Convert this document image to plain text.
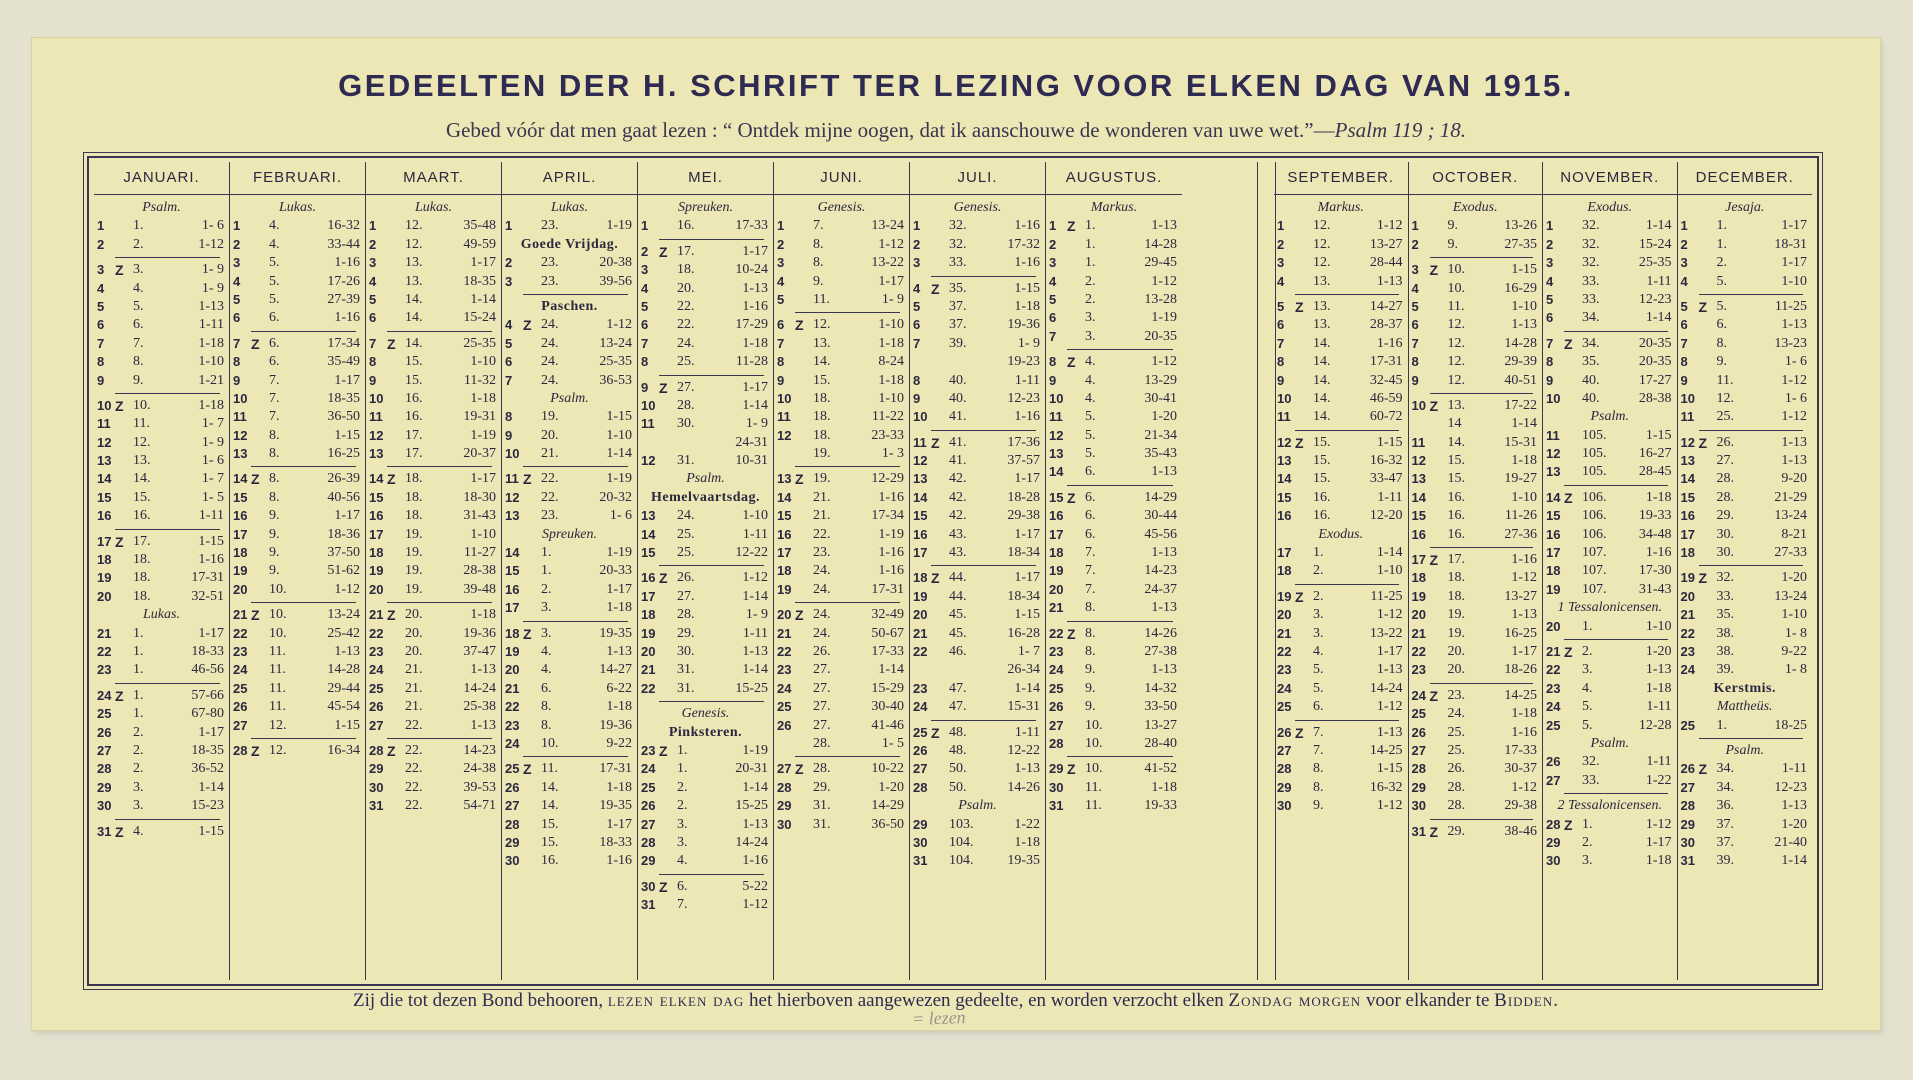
GEDEELTEN DER H. SCHRIFT TER LEZING VOOR ELKEN DAG VAN 1915.
Gebed vóór dat men gaat lezen : “ Ontdek mijne oogen, dat ik aanschouwe de wonderen van uwe wet.”—Psalm 119 ; 18.
JANUARI.
Psalm.
1	1.	1- 6
2	2.	1-12
3 Z 3.	1- 9
4	4.	1- 9
5	5.	1-13
6	6.	1-11
7	7.	1-18
8	8.	1-10
9	9.	1-21
10 Z 10.	1-18
11	11.	1- 7
12 12.	1- 9
13 13.	1- 6
14 14.	1- 7
15 15.	1- 5
16 16.	1-11
17 Z 17.	1-15
18 18.	1-16
19 18.	17-31
20 18.	32-51
Lukas.
21 1.	1-17
22 1.	18-33
23 1.	46-56
24 Z 1.	57-66
25 1.	67-80
26 2.	1-17
27 2.	18-35
28 2.	36-52
29 3.	1-14
30 3.	15-23
31 Z 4.	1-15
FEBRUARI.
Lukas.
1	4.	16-32
2	4.	33-44
3	5.	1-16
4	5.	17-26
5	5.	27-39
6	6.	1-16
7 Z 6.	17-34
8	6.	35-49
9	7.	1-17
10 7.	18-35
11	7.	36-50
12 8.	1-15
13 8.	16-25
14 Z 8.	26-39
15 8.	40-56
16 9.	1-17
17 9.	18-36
18 9.	37-50
19 9.	51-62
20 10.	1-12
21 Z 10.	13-24
22 10.	25-42
23 11.	1-13
24 11.	14-28
25 11.	29-44
26 11.	45-54
27 12.	1-15
28 Z 12.	16-34
MAART.
Lukas.
1	12.	35-48
2	12.	49-59
3	13.	1-17
4	13.	18-35
5	14.	1-14
6	14.	15-24
7 Z 14.	25-35
8	15.	1-10
9	15.	11-32
10 16.	1-18
11	16.	19-31
12 17.	1-19
13 17.	20-37
14 Z 18.	1-17
15 18.	18-30
16 18.	31-43
17 19.	1-10
18 19.	11-27
19 19.	28-38
20 19.	39-48
21 Z 20.	1-18
22 20.	19-36
23 20.	37-47
24 21.	1-13
25 21.	14-24
26 21.	25-38
27 22.	1-13
28 Z 22.	14-23
29 22.	24-38
30 22.	39-53
31 22.	54-71
APRIL.
Lukas.
1	23.	1-19
Goede Vrijdag.
2	23.	20-38
3	23.	39-56
Paschen.
4 Z 24.	1-12
5	24.	13-24
6	24.	25-35
7	24.	36-53
Psalm.
8	19.	1-15
9	20.	1-10
10 21.	1-14
11 Z 22.	1-19
12 22.	20-32
13 23.	1- 6
Spreuken.
14 1.	1-19
15 1.	20-33
16 2.	1-17
17 3.	1-18
18 Z 3.	19-35
19 4.	1-13
20 4.	14-27
21 6.	6-22
22 8.	1-18
23 8.	19-36
24 10.	9-22
25 Z 11.	17-31
26 14.	1-18
27 14.	19-35
28 15.	1-17
29 15.	18-33
30 16.	1-16
MEI.
Spreuken.
1	16.	17-33
2 Z 17.	1-17
3	18.	10-24
4	20.	1-13
5	22.	1-16
6	22.	17-29
7	24.	1-18
8	25.	11-28
9 Z 27.	1-17
10 28.	1-14
11	30.	1- 9
24-31
12 31.	10-31
Psalm.
Hemelvaartsdag.
13 24.	1-10
14 25.	1-11
15 25.	12-22
16 Z 26.	1-12
17 27.	1-14
18 28.	1- 9
19 29.	1-11
20 30.	1-13
21 31.	1-14
22 31.	15-25
Genesis.
Pinksteren.
23 Z 1.	1-19
24 1.	20-31
25 2.	1-14
26 2.	15-25
27 3.	1-13
28 3.	14-24
29 4.	1-16
30 Z 6.	5-22
31 7.	1-12
JUNI.
Genesis.
1	7.	13-24
2	8.	1-12
3	8.	13-22
4	9.	1-17
5	11.	1- 9
6 Z 12.	1-10
7	13.	1-18
8	14.	8-24
9	15.	1-18
10 18.	1-10
11	18.	11-22
12 18.	23-33
19.	1- 3
13 Z 19.	12-29
14 21.	1-16
15 21.	17-34
16 22.	1-19
17 23.	1-16
18 24.	1-16
19 24.	17-31
20 Z 24.	32-49
21 24.	50-67
22 26.	17-33
23 27.	1-14
24 27.	15-29
25 27.	30-40
26 27.	41-46
28.	1- 5
27 Z 28.	10-22
28 29.	1-20
29 31.	14-29
30 31.	36-50
JULI.
Genesis.
1	32.	1-16
2	32.	17-32
3	33.	1-16
4 Z 35.	1-15
5	37.	1-18
6	37.	19-36
7	39.	1- 9
19-23
8	40.	1-11
9	40.	12-23
10 41.	1-16
11 Z 41.	17-36
12 41.	37-57
13 42.	1-17
14 42.	18-28
15 42.	29-38
16 43.	1-17
17 43.	18-34
18 Z 44.	1-17
19 44.	18-34
20 45.	1-15
21 45.	16-28
22 46.	1- 7
26-34
23 47.	1-14
24 47.	15-31
25 Z 48.	1-11
26 48.	12-22
27 50.	1-13
28 50.	14-26
Psalm.
29 103.	1-22
30 104.	1-18
31 104.	19-35
AUGUSTUS.
Markus.
1 Z 1.	1-13
2	1.	14-28
3	1.	29-45
4	2.	1-12
5	2.	13-28
6	3.	1-19
7	3.	20-35
8 Z 4.	1-12
9	4.	13-29
10 4.	30-41
11	5.	1-20
12 5.	21-34
13 5.	35-43
14 6.	1-13
15 Z 6.	14-29
16 6.	30-44
17 6.	45-56
18 7.	1-13
19 7.	14-23
20 7.	24-37
21 8.	1-13
22 Z 8.	14-26
23 8.	27-38
24 9.	1-13
25 9.	14-32
26 9.	33-50
27 10.	13-27
28 10.	28-40
29 Z 10.	41-52
30 11.	1-18
31 11.	19-33
SEPTEMBER.
Markus.
1	12.	1-12
2	12.	13-27
3	12.	28-44
4	13.	1-13
5 Z 13.	14-27
6	13.	28-37
7	14.	1-16
8	14.	17-31
9	14.	32-45
10 14.	46-59
11	14.	60-72
12 Z 15.	1-15
13 15.	16-32
14 15.	33-47
15 16.	1-11
16 16.	12-20
Exodus.
17 1.	1-14
18 2.	1-10
19 Z 2.	11-25
20 3.	1-12
21 3.	13-22
22 4.	1-17
23 5.	1-13
24 5.	14-24
25 6.	1-12
26 Z 7.	1-13
27 7.	14-25
28 8.	1-15
29 8.	16-32
30 9.	1-12
OCTOBER.
Exodus.
1	9.	13-26
2	9.	27-35
3 Z 10.	1-15
4	10.	16-29
5	11.	1-10
6	12.	1-13
7	12.	14-28
8	12.	29-39
9	12.	40-51
10 Z 13.	17-22
14	1-14
11	14.	15-31
12 15.	1-18
13 15.	19-27
14 16.	1-10
15 16.	11-26
16 16.	27-36
17 Z 17.	1-16
18 18.	1-12
19 18.	13-27
20 19.	1-13
21 19.	16-25
22 20.	1-17
23 20.	18-26
24 Z 23.	14-25
25 24.	1-18
26 25.	1-16
27 25.	17-33
28 26.	30-37
29 28.	1-12
30 28.	29-38
31 Z 29.	38-46
NOVEMBER.
Exodus.
1	32.	1-14
2	32.	15-24
3	32.	25-35
4	33.	1-11
5	33.	12-23
6	34.	1-14
7 Z 34.	20-35
8	35.	20-35
9	40.	17-27
10 40.	28-38
Psalm.
11	105.	1-15
12 105.	16-27
13 105.	28-45
14 Z 106.	1-18
15 106.	19-33
16 106.	34-48
17 107.	1-16
18 107.	17-30
19 107.	31-43
1 Tessalonicensen.
20 1.	1-10
21 Z 2.	1-20
22 3.	1-13
23 4.	1-18
24 5.	1-11
25 5.	12-28
Psalm.
26 32.	1-11
27 33.	1-22
2 Tessalonicensen.
28 Z 1.	1-12
29 2.	1-17
30 3.	1-18
DECEMBER.
Jesaja.
1	1.	1-17
2	1.	18-31
3	2.	1-17
4	5.	1-10
5 Z 5.	11-25
6	6.	1-13
7	8.	13-23
8	9.	1- 6
9	11.	1-12
10 12.	1- 6
11	25.	1-12
12 Z 26.	1-13
13 27.	1-13
14 28.	9-20
15 28.	21-29
16 29.	13-24
17 30.	8-21
18 30.	27-33
19 Z 32.	1-20
20 33.	13-24
21 35.	1-10
22 38.	1- 8
23 38.	9-22
24 39.	1- 8
Kerstmis.
Mattheüs.
25 1.	18-25
Psalm.
26 Z 34.	1-11
27 34.	12-23
28 36.	1-13
29 37.	1-20
30 37.	21-40
31 39.	1-14
Zij die tot dezen Bond behooren, lezen elken dag het hierboven aangewezen gedeelte, en worden verzocht elken Zondag morgen voor elkander te Bidden.
= lezen
